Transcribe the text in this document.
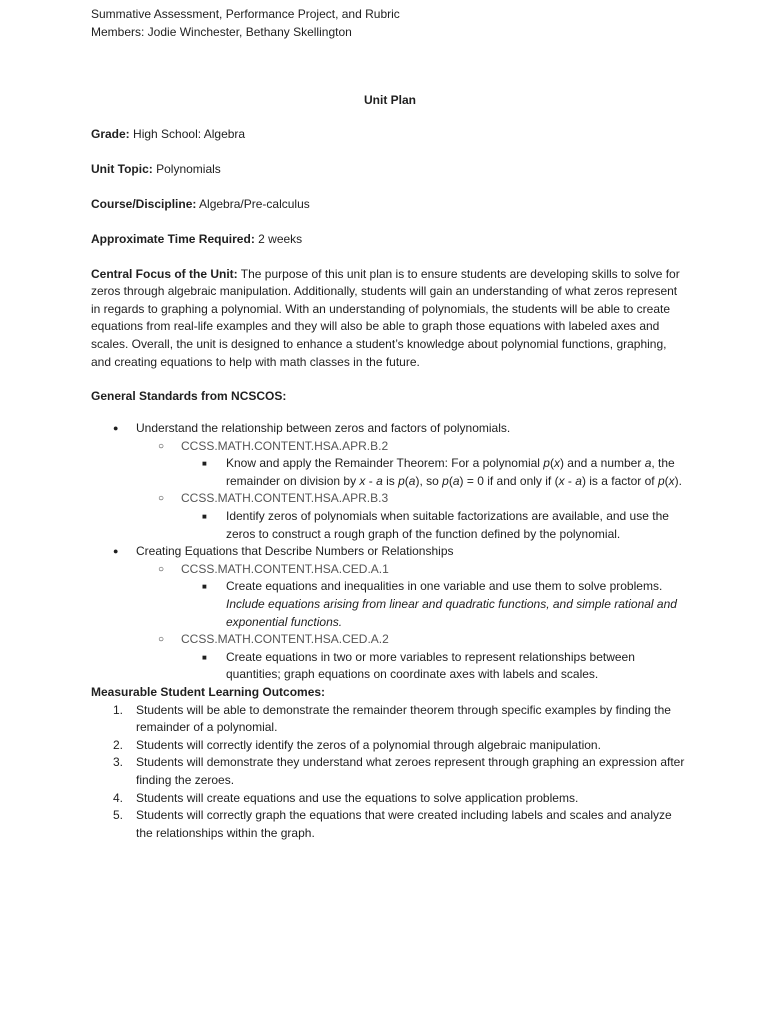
Summative Assessment, Performance Project, and Rubric
Members: Jodie Winchester, Bethany Skellington
Unit Plan
Grade: High School: Algebra
Unit Topic: Polynomials
Course/Discipline: Algebra/Pre-calculus
Approximate Time Required: 2 weeks
Central Focus of the Unit: The purpose of this unit plan is to ensure students are developing skills to solve for zeros through algebraic manipulation. Additionally, students will gain an understanding of what zeros represent in regards to graphing a polynomial. With an understanding of polynomials, the students will be able to create equations from real-life examples and they will also be able to graph those equations with labeled axes and scales. Overall, the unit is designed to enhance a student’s knowledge about polynomial functions, graphing, and creating equations to help with math classes in the future.
General Standards from NCSCOS:
● Understand the relationship between zeros and factors of polynomials.
○ CCSS.MATH.CONTENT.HSA.APR.B.2
■ Know and apply the Remainder Theorem: For a polynomial p(x) and a number a, the remainder on division by x - a is p(a), so p(a) = 0 if and only if (x - a) is a factor of p(x).
○ CCSS.MATH.CONTENT.HSA.APR.B.3
■ Identify zeros of polynomials when suitable factorizations are available, and use the zeros to construct a rough graph of the function defined by the polynomial.
● Creating Equations that Describe Numbers or Relationships
○ CCSS.MATH.CONTENT.HSA.CED.A.1
■ Create equations and inequalities in one variable and use them to solve problems. Include equations arising from linear and quadratic functions, and simple rational and exponential functions.
○ CCSS.MATH.CONTENT.HSA.CED.A.2
■ Create equations in two or more variables to represent relationships between quantities; graph equations on coordinate axes with labels and scales.
Measurable Student Learning Outcomes:
1. Students will be able to demonstrate the remainder theorem through specific examples by finding the remainder of a polynomial.
2. Students will correctly identify the zeros of a polynomial through algebraic manipulation.
3. Students will demonstrate they understand what zeroes represent through graphing an expression after finding the zeroes.
4. Students will create equations and use the equations to solve application problems.
5. Students will correctly graph the equations that were created including labels and scales and analyze the relationships within the graph.
